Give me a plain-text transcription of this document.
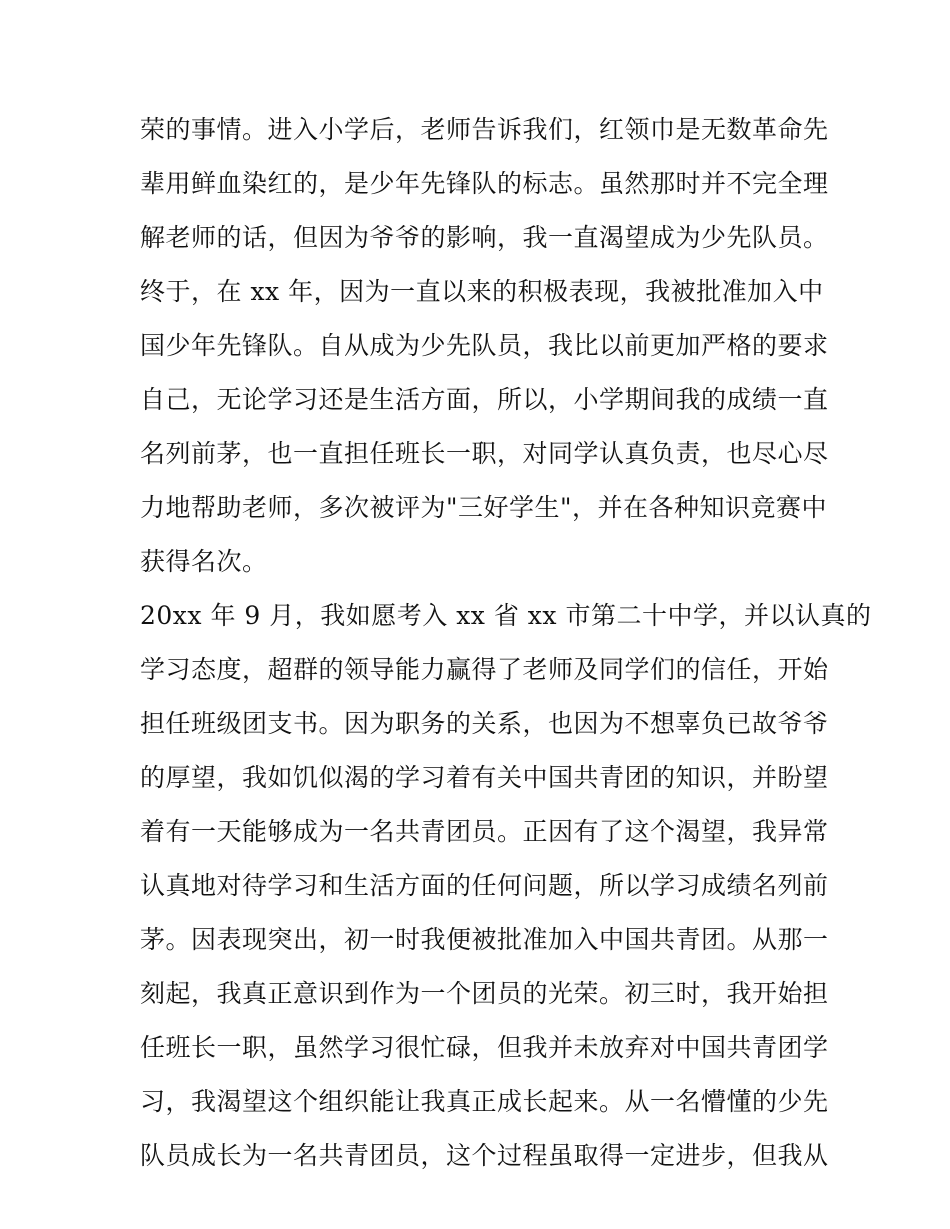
荣的事情。进入小学后，老师告诉我们，红领巾是无数革命先
辈用鲜血染红的，是少年先锋队的标志。虽然那时并不完全理
解老师的话，但因为爷爷的影响，我一直渴望成为少先队员。
终于，在 xx 年，因为一直以来的积极表现，我被批准加入中
国少年先锋队。自从成为少先队员，我比以前更加严格的要求
自己，无论学习还是生活方面，所以，小学期间我的成绩一直
名列前茅，也一直担任班长一职，对同学认真负责，也尽心尽
力地帮助老师，多次被评为"三好学生"，并在各种知识竞赛中
获得名次。
20xx 年 9 月，我如愿考入 xx 省 xx 市第二十中学，并以认真的
学习态度，超群的领导能力赢得了老师及同学们的信任，开始
担任班级团支书。因为职务的关系，也因为不想辜负已故爷爷
的厚望，我如饥似渴的学习着有关中国共青团的知识，并盼望
着有一天能够成为一名共青团员。正因有了这个渴望，我异常
认真地对待学习和生活方面的任何问题，所以学习成绩名列前
茅。因表现突出，初一时我便被批准加入中国共青团。从那一
刻起，我真正意识到作为一个团员的光荣。初三时，我开始担
任班长一职，虽然学习很忙碌，但我并未放弃对中国共青团学
习，我渴望这个组织能让我真正成长起来。从一名懵懂的少先
队员成长为一名共青团员，这个过程虽取得一定进步，但我从
